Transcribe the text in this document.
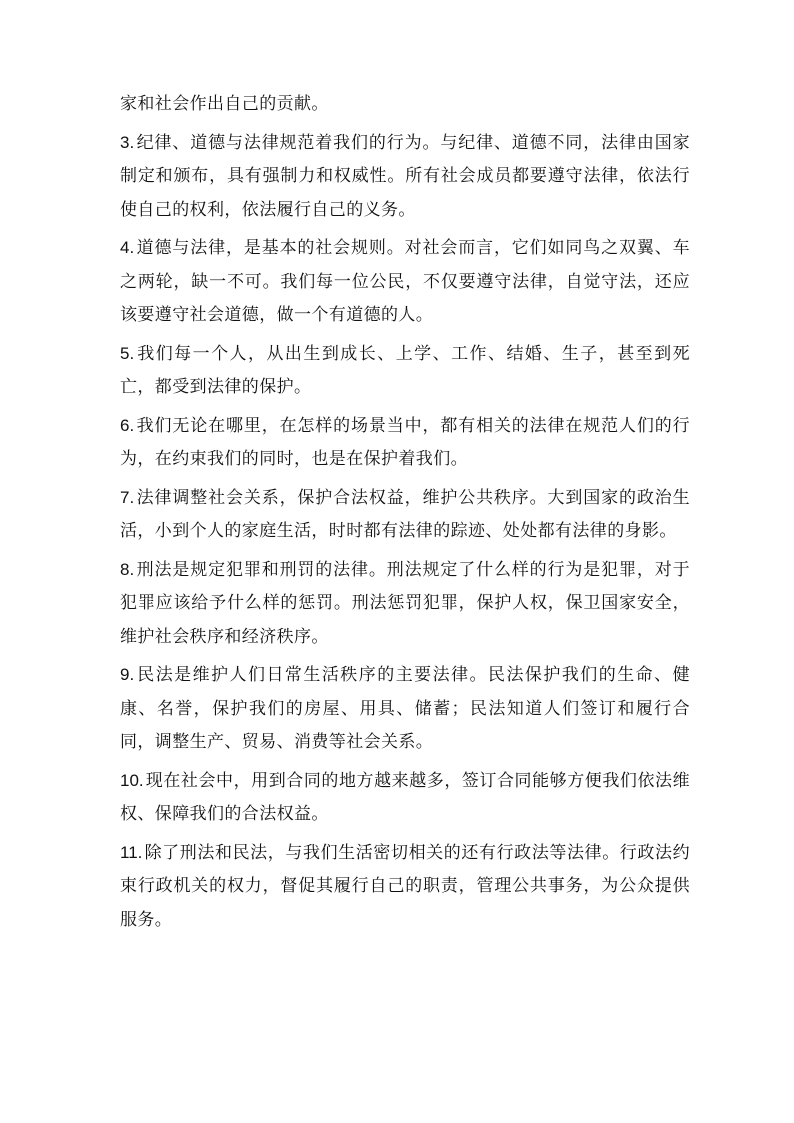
家和社会作出自己的贡献。

3. 纪律、道德与法律规范着我们的行为。与纪律、道德不同，法律由国家制定和颁布，具有强制力和权威性。所有社会成员都要遵守法律，依法行使自己的权利，依法履行自己的义务。

4. 道德与法律，是基本的社会规则。对社会而言，它们如同鸟之双翼、车之两轮，缺一不可。我们每一位公民，不仅要遵守法律，自觉守法，还应该要遵守社会道德，做一个有道德的人。

5. 我们每一个人，从出生到成长、上学、工作、结婚、生子，甚至到死亡，都受到法律的保护。

6. 我们无论在哪里，在怎样的场景当中，都有相关的法律在规范人们的行为，在约束我们的同时，也是在保护着我们。

7. 法律调整社会关系，保护合法权益，维护公共秩序。大到国家的政治生活，小到个人的家庭生活，时时都有法律的踪迹、处处都有法律的身影。

8. 刑法是规定犯罪和刑罚的法律。刑法规定了什么样的行为是犯罪，对于犯罪应该给予什么样的惩罚。刑法惩罚犯罪，保护人权，保卫国家安全，维护社会秩序和经济秩序。

9. 民法是维护人们日常生活秩序的主要法律。民法保护我们的生命、健康、名誉，保护我们的房屋、用具、储蓄；民法知道人们签订和履行合同，调整生产、贸易、消费等社会关系。

10. 现在社会中，用到合同的地方越来越多，签订合同能够方便我们依法维权、保障我们的合法权益。

11. 除了刑法和民法，与我们生活密切相关的还有行政法等法律。行政法约束行政机关的权力，督促其履行自己的职责，管理公共事务，为公众提供服务。
